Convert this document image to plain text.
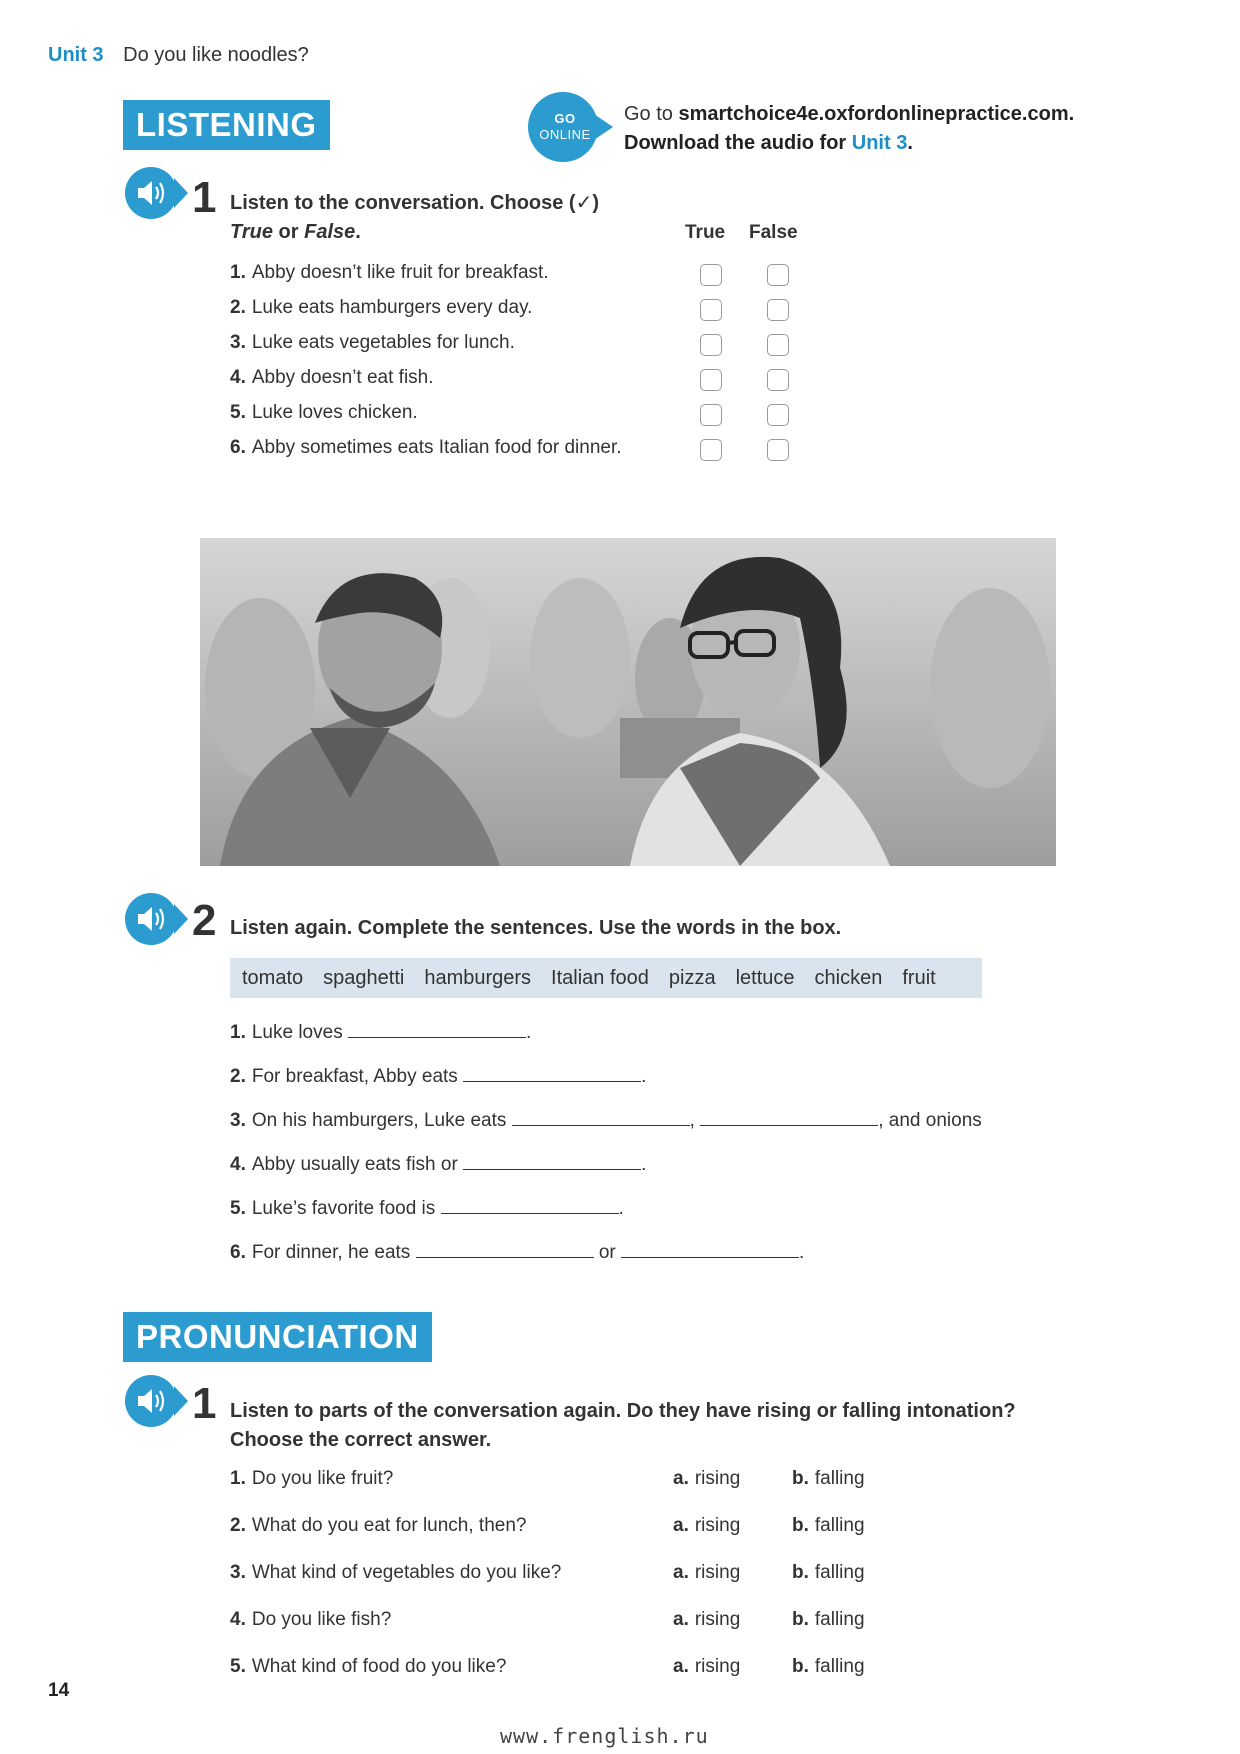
Unit 3 Do you like noodles?
LISTENING	GO
ONLINE
Go to smartchoice4e.oxfordonlinepractice.com.
Download the audio for Unit 3.
1 Listen to the conversation. Choose (✓)
True or False.	True False
1. Abby doesn’t like fruit for breakfast.
2. Luke eats hamburgers every day.
3. Luke eats vegetables for lunch.
4. Abby doesn’t eat fish.
5. Luke loves chicken.
6. Abby sometimes eats Italian food for dinner.
2 Listen again. Complete the sentences. Use the words in the box.
tomato spaghetti hamburgers Italian food pizza lettuce chicken fruit
1. Luke loves	.
2. For breakfast, Abby eats	.
3. On his hamburgers, Luke eats	,	, and onions
4. Abby usually eats fish or	.
5. Luke’s favorite food is	.
6. For dinner, he eats	or	.
PRONUNCIATION
1 Listen to parts of the conversation again. Do they have rising or falling intonation?
Choose the correct answer.
1. Do you like fruit?	a. rising	b. falling
2. What do you eat for lunch, then?	a. rising	b. falling
3. What kind of vegetables do you like?	a. rising	b. falling
4. Do you like fish?	a. rising	b. falling
5. What kind of food do you like?	a. rising	b. falling
14
www.frenglish.ru
